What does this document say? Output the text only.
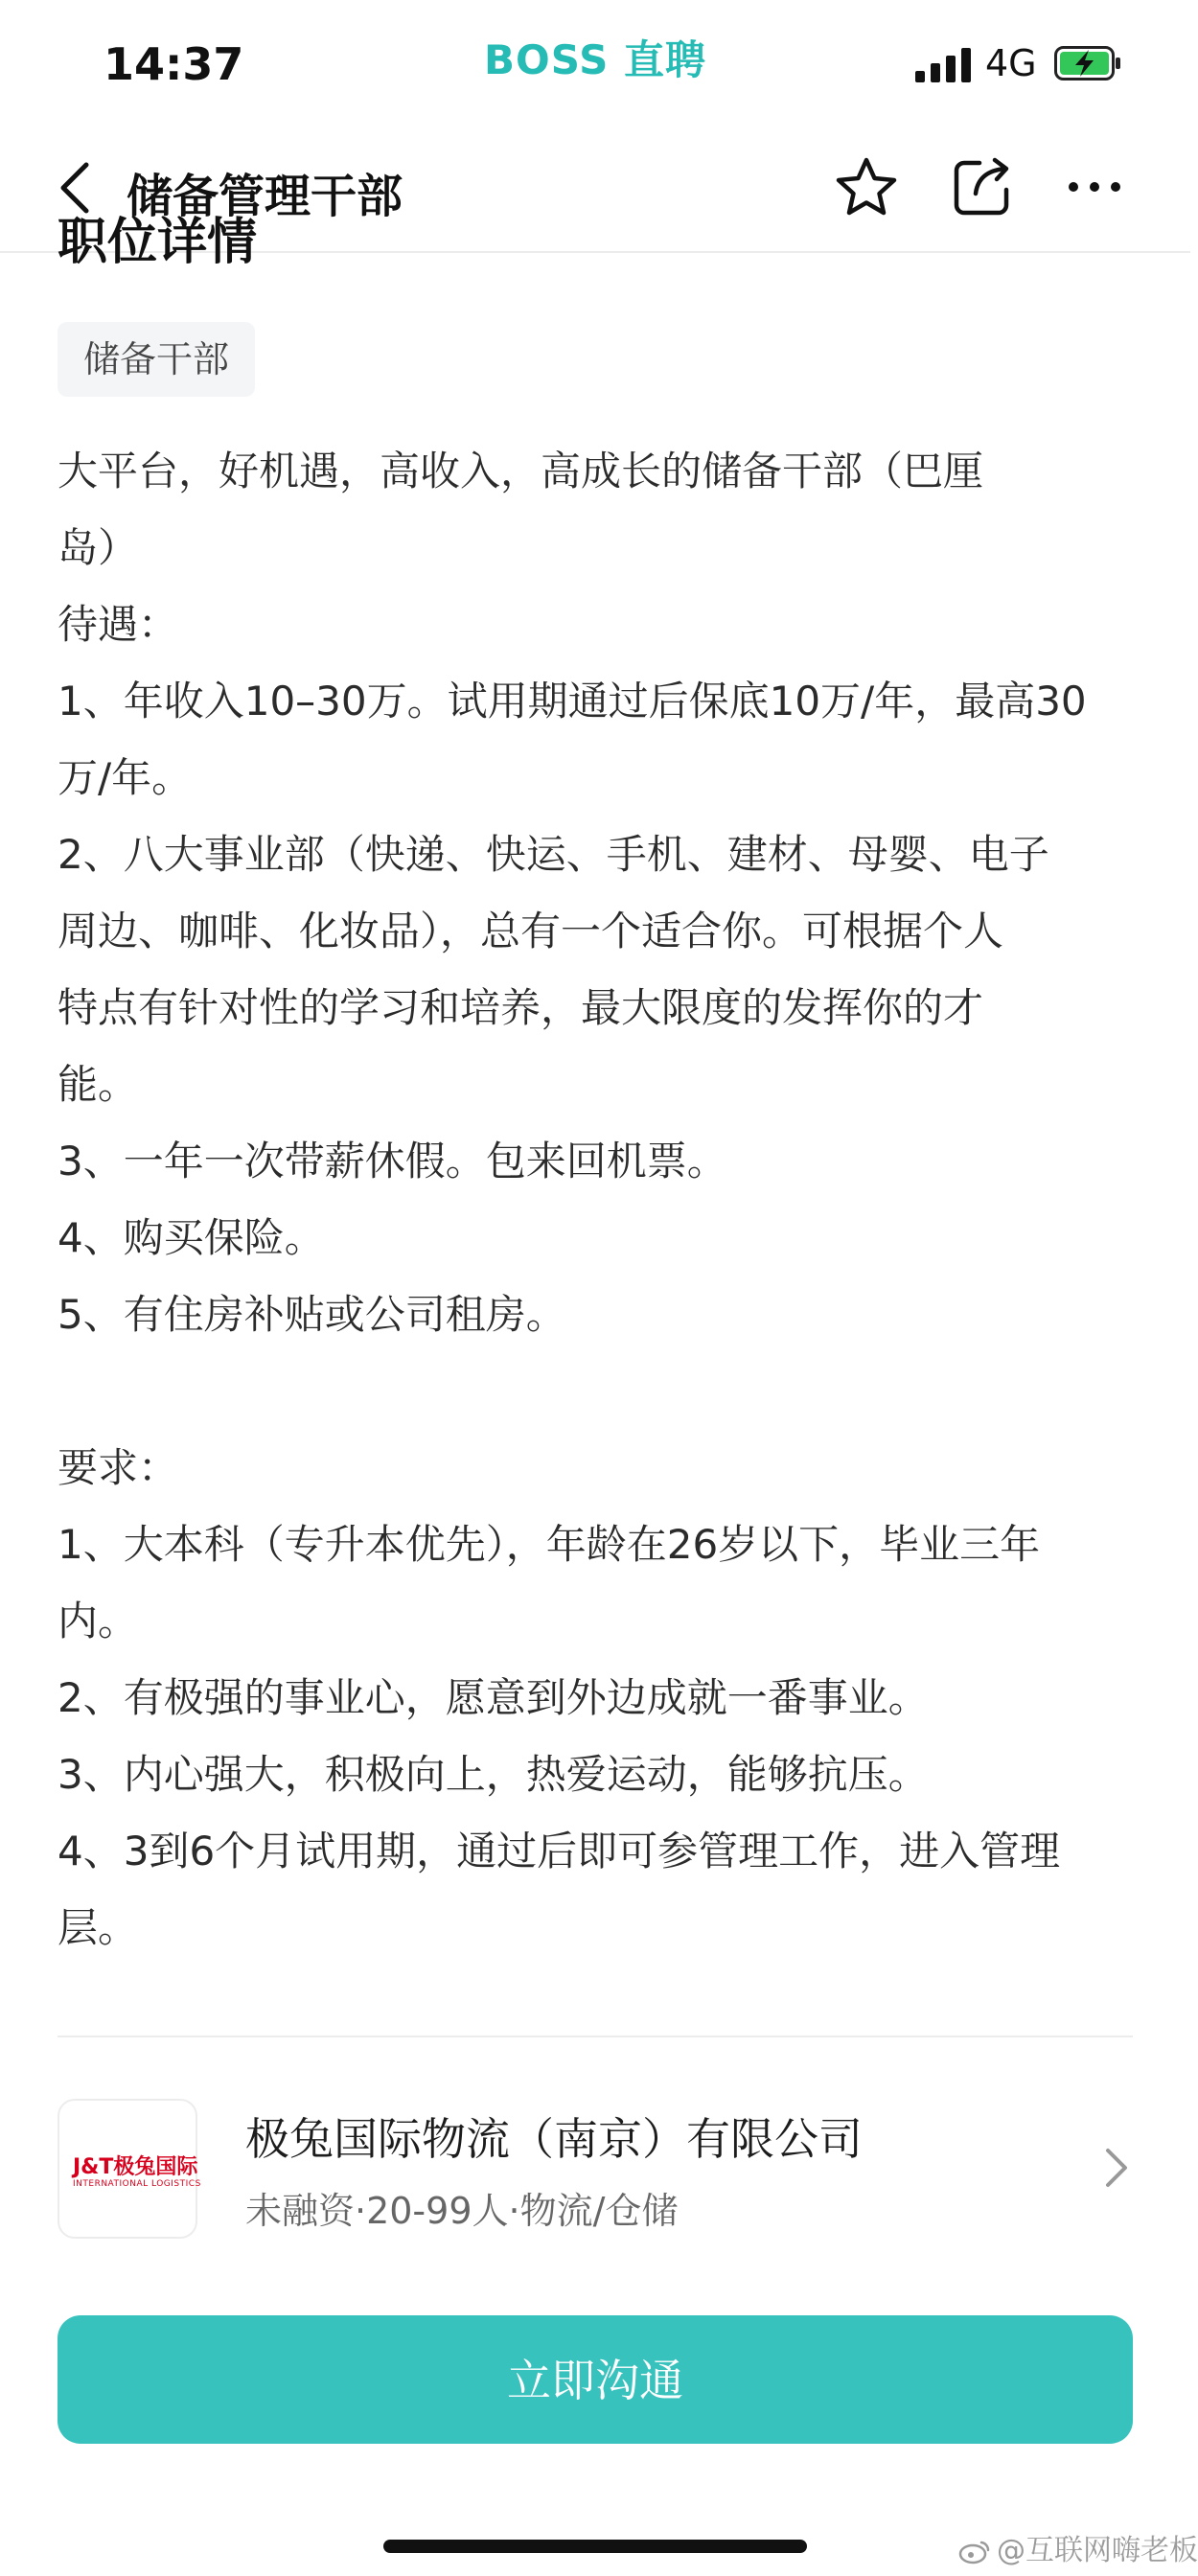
14:37	BOSS 直聘	4G
储备管理干部
职位详情
储备干部
大平台，好机遇，高收入，高成长的储备干部（巴厘
岛）
待遇：
1、年收入10–30万。试用期通过后保底10万/年，最高30
万/年。
2、八大事业部（快递、快运、手机、建材、母婴、电子
周边、咖啡、化妆品），总有一个适合你。可根据个人
特点有针对性的学习和培养，最大限度的发挥你的才
能。
3、一年一次带薪休假。包来回机票。
4、购买保险。
5、有住房补贴或公司租房。
要求：
1、大本科（专升本优先），年龄在26岁以下，毕业三年
内。
2、有极强的事业心，愿意到外边成就一番事业。
3、内心强大，积极向上，热爱运动，能够抗压。
4、3到6个月试用期，通过后即可参管理工作，进入管理
层。
J&T极兔国际
INTERNATIONAL LOGISTICS
极兔国际物流（南京）有限公司
未融资·20-99人·物流/仓储
立即沟通
@互联网嗨老板
